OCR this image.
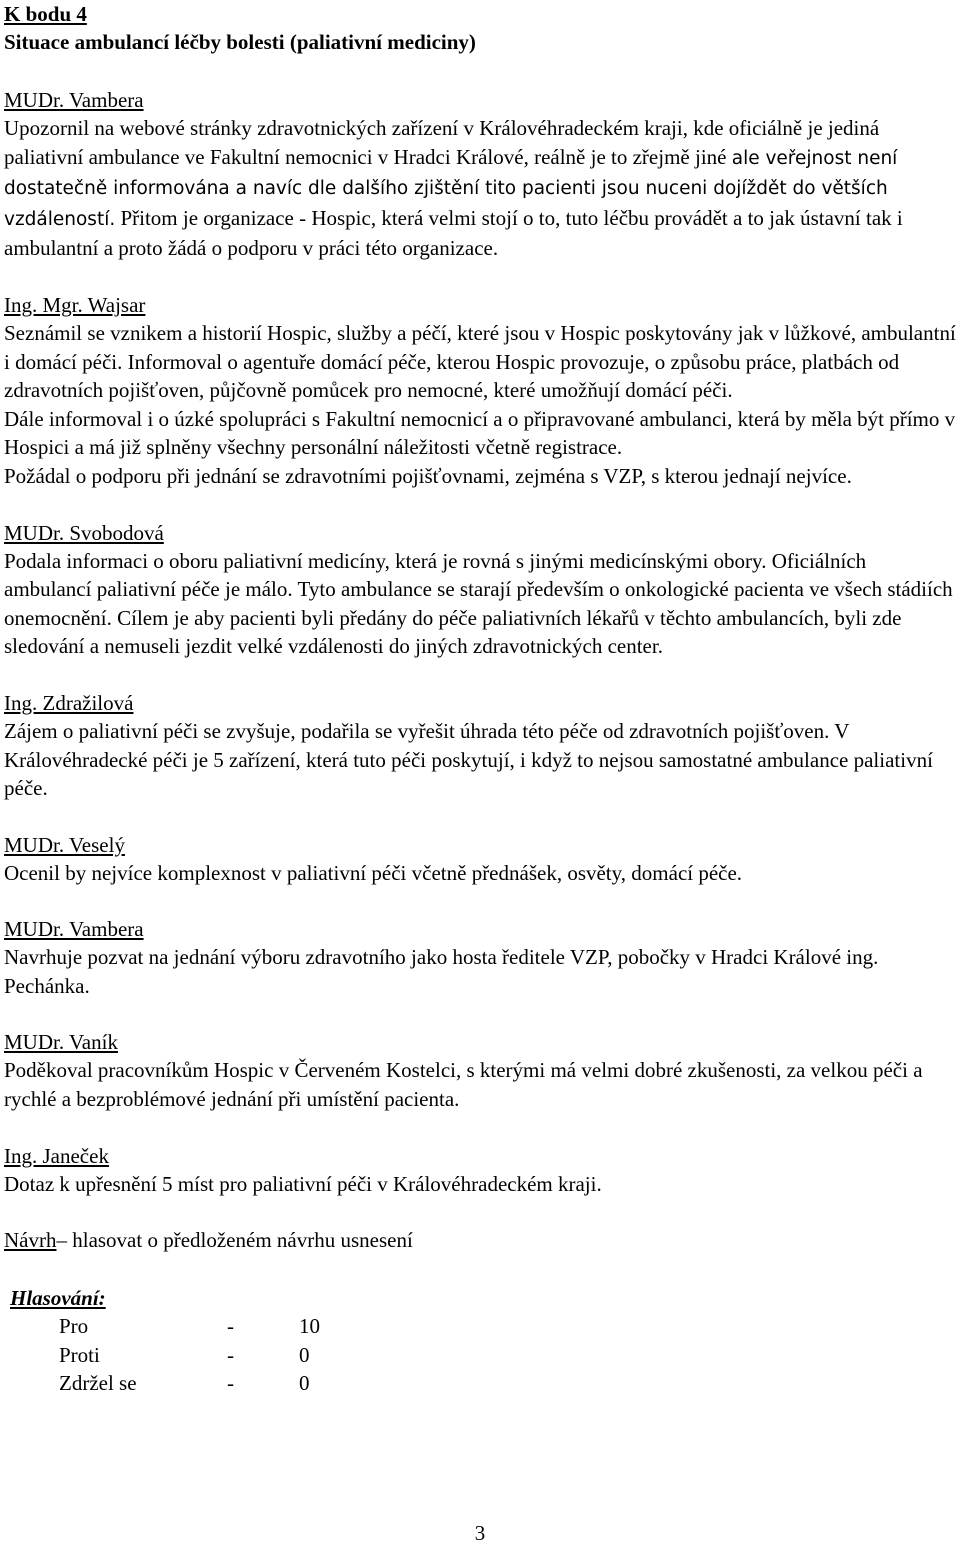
K bodu 4

Situace ambulancí léčby bolesti (paliativní mediciny)

MUDr. Vambera

Upozornil na webové stránky zdravotnických zařízení v Královéhradeckém kraji, kde oficiálně je jediná paliativní ambulance ve Fakultní nemocnici v Hradci Králové, reálně je to zřejmě jiné ale veřejnost není dostatečně informována a navíc dle dalšího zjištění tito pacienti jsou nuceni dojíždět do větších vzdáleností. Přitom je organizace - Hospic, která velmi stojí o to, tuto léčbu provádět a to jak ústavní tak i ambulantní a proto žádá o podporu v práci této organizace.

Ing. Mgr. Wajsar

Seznámil se vznikem a historií Hospic, služby a péčí, které jsou v Hospic poskytovány jak v lůžkové, ambulantní i domácí péči. Informoval o agentuře domácí péče, kterou Hospic provozuje, o způsobu práce, platbách od zdravotních pojišťoven, půjčovně pomůcek pro nemocné, které umožňují domácí péči.

Dále informoval i o úzké spolupráci s Fakultní nemocnicí a o připravované ambulanci, která by měla být přímo v Hospici a má již splněny všechny personální náležitosti včetně registrace.

Požádal o podporu při jednání se zdravotními pojišťovnami, zejména s VZP, s kterou jednají nejvíce.

MUDr. Svobodová

Podala informaci o oboru paliativní medicíny, která je rovná s jinými medicínskými obory. Oficiálních ambulancí paliativní péče je málo. Tyto ambulance se starají především o onkologické pacienta ve všech stádiích onemocnění. Cílem je aby pacienti byli předány do péče paliativních lékařů v těchto ambulancích, byli zde sledování a nemuseli jezdit velké vzdálenosti do jiných zdravotnických center.

Ing. Zdražilová

Zájem o paliativní péči se zvyšuje, podařila se vyřešit úhrada této péče od zdravotních pojišťoven. V Královéhradecké péči je 5 zařízení, která tuto péči poskytují, i když to nejsou samostatné ambulance paliativní péče.

MUDr. Veselý

Ocenil by nejvíce komplexnost v paliativní péči včetně přednášek, osvěty, domácí péče.

MUDr. Vambera

Navrhuje pozvat na jednání výboru zdravotního jako hosta ředitele VZP, pobočky v Hradci Králové ing. Pechánka.

MUDr. Vaník

Poděkoval pracovníkům Hospic v Červeném Kostelci, s kterými má velmi dobré zkušenosti, za velkou péči a rychlé a bezproblémové jednání při umístění pacienta.

Ing. Janeček

Dotaz k upřesnění 5 míst pro paliativní péči v Královéhradeckém kraji.

Návrh– hlasovat o předloženém návrhu usnesení

Hlasování:

Pro	-	10
Proti	-	0
Zdržel se	-	0
3
